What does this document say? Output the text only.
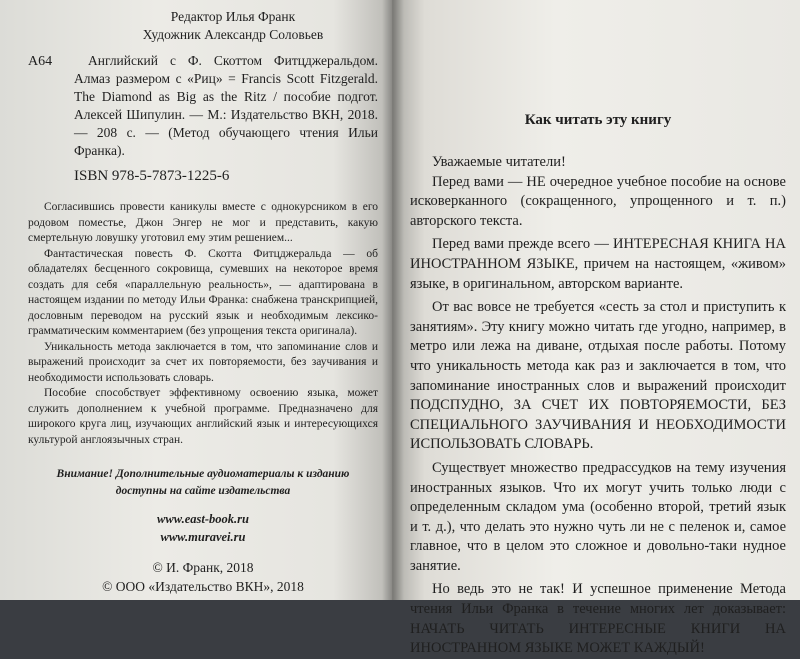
Редактор Илья Франк
Художник Александр Соловьев
А64	Английский с Ф. Скоттом Фитцджеральдом. Алмаз размером с «Риц» = Francis Scott Fitzgerald. The Diamond as Big as the Ritz / пособие подгот. Алексей Шипулин. — М.: Издательство ВКН, 2018. — 208 с. — (Метод обучающего чтения Ильи Франка).

ISBN 978-5-7873-1225-6

Согласившись провести каникулы вместе с однокурсником в его родовом поместье, Джон Энгер не мог и представить, какую смертельную ловушку уготовил ему этим решением...

Фантастическая повесть Ф. Скотта Фитцджеральда — об обладателях бесценного сокровища, сумевших на некоторое время создать для себя «параллельную реальность», — адаптирована в настоящем издании по методу Ильи Франка: снабжена транскрипцией, дословным переводом на русский язык и необходимым лексико-грамматическим комментарием (без упрощения текста оригинала).

Уникальность метода заключается в том, что запоминание слов и выражений происходит за счет их повторяемости, без заучивания и необходимости использовать словарь.

Пособие способствует эффективному освоению языка, может служить дополнением к учебной программе. Предназначено для широкого круга лиц, изучающих английский язык и интересующихся культурой англоязычных стран.

Внимание! Дополнительные аудиоматериалы к изданию
доступны на сайте издательства
www.east-book.ru
www.muravei.ru
© И. Франк, 2018
© ООО «Издательство ВКН», 2018
Как читать эту книгу

Уважаемые читатели!

Перед вами — НЕ очередное учебное пособие на основе исковерканного (сокращенного, упрощенного и т. п.) авторского текста.

Перед вами прежде всего — ИНТЕРЕСНАЯ КНИГА НА ИНОСТРАННОМ ЯЗЫКЕ, причем на настоящем, «живом» языке, в оригинальном, авторском варианте.

От вас вовсе не требуется «сесть за стол и приступить к занятиям». Эту книгу можно читать где угодно, например, в метро или лежа на диване, отдыхая после работы. Потому что уникальность метода как раз и заключается в том, что запоминание иностранных слов и выражений происходит ПОДСПУДНО, ЗА СЧЕТ ИХ ПОВТОРЯЕМОСТИ, БЕЗ СПЕЦИАЛЬНОГО ЗАУЧИВАНИЯ И НЕОБХОДИМОСТИ ИСПОЛЬЗОВАТЬ СЛОВАРЬ.

Существует множество предрассудков на тему изучения иностранных языков. Что их могут учить только люди с определенным складом ума (особенно второй, третий язык и т. д.), что делать это нужно чуть ли не с пеленок и, самое главное, что в целом это сложное и довольно-таки нудное занятие.

Но ведь это не так! И успешное применение Метода чтения Ильи Франка в течение многих лет доказывает: НАЧАТЬ ЧИТАТЬ ИНТЕРЕСНЫЕ КНИГИ НА ИНОСТРАННОМ ЯЗЫКЕ МОЖЕТ КАЖДЫЙ!
